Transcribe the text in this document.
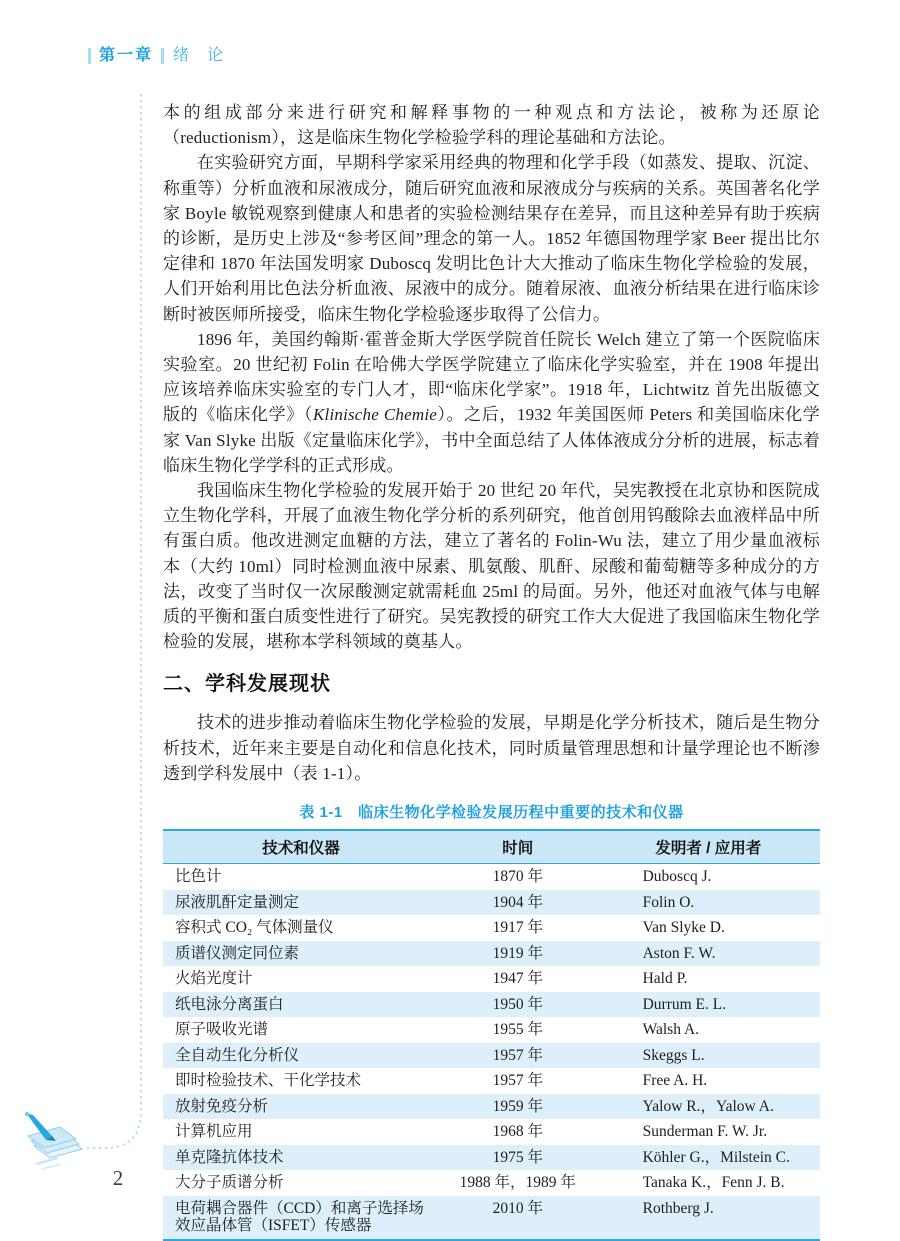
第一章 绪　论

本的组成部分来进行研究和解释事物的一种观点和方法论，被称为还原论（reductionism），这是临床生物化学检验学科的理论基础和方法论。

在实验研究方面，早期科学家采用经典的物理和化学手段（如蒸发、提取、沉淀、称重等）分析血液和尿液成分，随后研究血液和尿液成分与疾病的关系。英国著名化学家 Boyle 敏锐观察到健康人和患者的实验检测结果存在差异，而且这种差异有助于疾病的诊断，是历史上涉及“参考区间”理念的第一人。1852 年德国物理学家 Beer 提出比尔定律和 1870 年法国发明家 Duboscq 发明比色计大大推动了临床生物化学检验的发展，人们开始利用比色法分析血液、尿液中的成分。随着尿液、血液分析结果在进行临床诊断时被医师所接受，临床生物化学检验逐步取得了公信力。

1896 年，美国约翰斯·霍普金斯大学医学院首任院长 Welch 建立了第一个医院临床实验室。20 世纪初 Folin 在哈佛大学医学院建立了临床化学实验室，并在 1908 年提出应该培养临床实验室的专门人才，即“临床化学家”。1918 年，Lichtwitz 首先出版德文版的《临床化学》（Klinische Chemie）。之后，1932 年美国医师 Peters 和美国临床化学家 Van Slyke 出版《定量临床化学》，书中全面总结了人体体液成分分析的进展，标志着临床生物化学学科的正式形成。

我国临床生物化学检验的发展开始于 20 世纪 20 年代，吴宪教授在北京协和医院成立生物化学科，开展了血液生物化学分析的系列研究，他首创用钨酸除去血液样品中所有蛋白质。他改进测定血糖的方法，建立了著名的 Folin-Wu 法，建立了用少量血液标本（大约 10ml）同时检测血液中尿素、肌氨酸、肌酐、尿酸和葡萄糖等多种成分的方法，改变了当时仅一次尿酸测定就需耗血 25ml 的局面。另外，他还对血液气体与电解质的平衡和蛋白质变性进行了研究。吴宪教授的研究工作大大促进了我国临床生物化学检验的发展，堪称本学科领域的奠基人。

二、学科发展现状

技术的进步推动着临床生物化学检验的发展，早期是化学分析技术，随后是生物分析技术，近年来主要是自动化和信息化技术，同时质量管理思想和计量学理论也不断渗透到学科发展中（表 1-1）。

表 1-1　临床生物化学检验发展历程中重要的技术和仪器
技术和仪器	时间	发明者 / 应用者
比色计	1870 年	Duboscq J.
尿液肌酐定量测定	1904 年	Folin O.
容积式 CO₂ 气体测量仪	1917 年	Van Slyke D.
质谱仪测定同位素	1919 年	Aston F. W.
火焰光度计	1947 年	Hald P.
纸电泳分离蛋白	1950 年	Durrum E. L.
原子吸收光谱	1955 年	Walsh A.
全自动生化分析仪	1957 年	Skeggs L.
即时检验技术、干化学技术	1957 年	Free A. H.
放射免疫分析	1959 年	Yalow R.，Yalow A.
计算机应用	1968 年	Sunderman F. W. Jr.
单克隆抗体技术	1975 年	Köhler G.，Milstein C.
大分子质谱分析	1988 年，1989 年	Tanaka K.，Fenn J. B.
电荷耦合器件（CCD）和离子选择场效应晶体管（ISFET）传感器	2010 年	Rothberg J.
2
